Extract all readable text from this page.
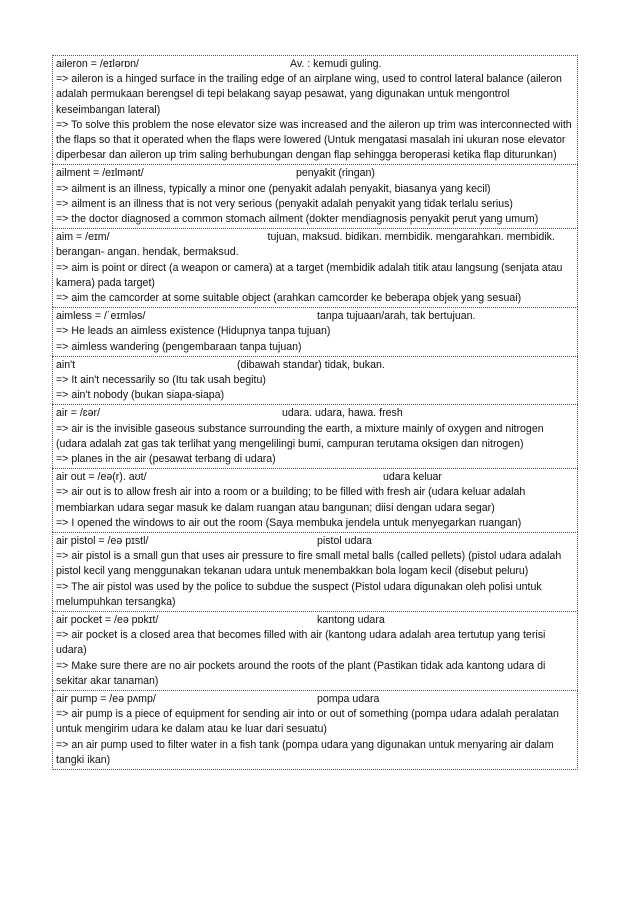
aileron = /eɪlərɒn/	Av. : kemudi guling.
=> aileron is a hinged surface in the trailing edge of an airplane wing, used to control lateral balance (aileron adalah permukaan berengsel di tepi belakang sayap pesawat, yang digunakan untuk mengontrol keseimbangan lateral)
=> To solve this problem the nose elevator size was increased and the aileron up trim was interconnected with the flaps so that it operated when the flaps were lowered (Untuk mengatasi masalah ini ukuran nose elevator
diperbesar dan aileron up trim saling berhubungan dengan flap sehingga beroperasi ketika flap diturunkan)
ailment = /eɪlmənt/	penyakit (ringan)
=> ailment is an illness, typically a minor one (penyakit adalah penyakit, biasanya yang kecil)
=> ailment is an illness that is not very serious (penyakit adalah penyakit yang tidak terlalu serius)
=> the doctor diagnosed a common stomach ailment (dokter mendiagnosis penyakit perut yang umum)
aim = /eɪm/	tujuan, maksud. bidikan. membidik. mengarahkan. membidik. berangan- angan. hendak, bermaksud.
=> aim is point or direct (a weapon or camera) at a target (membidik adalah titik atau langsung (senjata atau kamera) pada target)
=> aim the camcorder at some suitable object (arahkan camcorder ke beberapa objek yang sesuai)
aimless = /ˈeɪmləs/	tanpa tujuaan/arah, tak bertujuan.
=> He leads an aimless existence (Hidupnya tanpa tujuan)
=> aimless wandering (pengembaraan tanpa tujuan)
ain't	(dibawah standar) tidak, bukan.
=> It ain't necessarily so (Itu tak usah begitu)
=> ain't nobody (bukan siapa-siapa)
air = /ɛər/	udara. udara, hawa. fresh
=> air is the invisible gaseous substance surrounding the earth, a mixture mainly of oxygen and nitrogen (udara adalah zat gas tak terlihat yang mengelilingi bumi, campuran terutama oksigen dan nitrogen)
=> planes in the air (pesawat terbang di udara)
air out = /eə(r). aʊt/	udara keluar
=> air out is to allow fresh air into a room or a building; to be filled with fresh air (udara keluar adalah membiarkan udara segar masuk ke dalam ruangan atau bangunan; diisi dengan udara segar)
=> I opened the windows to air out the room (Saya membuka jendela untuk menyegarkan ruangan)
air pistol = /eə pɪstl/	pistol udara
=> air pistol is a small gun that uses air pressure to fire small metal balls (called pellets) (pistol udara adalah pistol kecil yang menggunakan tekanan udara untuk menembakkan bola logam kecil (disebut peluru)
=> The air pistol was used by the police to subdue the suspect (Pistol udara digunakan oleh polisi untuk melumpuhkan tersangka)
air pocket = /eə pɒkɪt/	kantong udara
=> air pocket is a closed area that becomes filled with air (kantong udara adalah area tertutup yang terisi udara)
=> Make sure there are no air pockets around the roots of the plant (Pastikan tidak ada kantong udara di sekitar akar tanaman)
air pump = /eə pʌmp/	pompa udara
=> air pump is a piece of equipment for sending air into or out of something (pompa udara adalah peralatan untuk mengirim udara ke dalam atau ke luar dari sesuatu)
=> an air pump used to filter water in a fish tank (pompa udara yang digunakan untuk menyaring air dalam tangki ikan)
